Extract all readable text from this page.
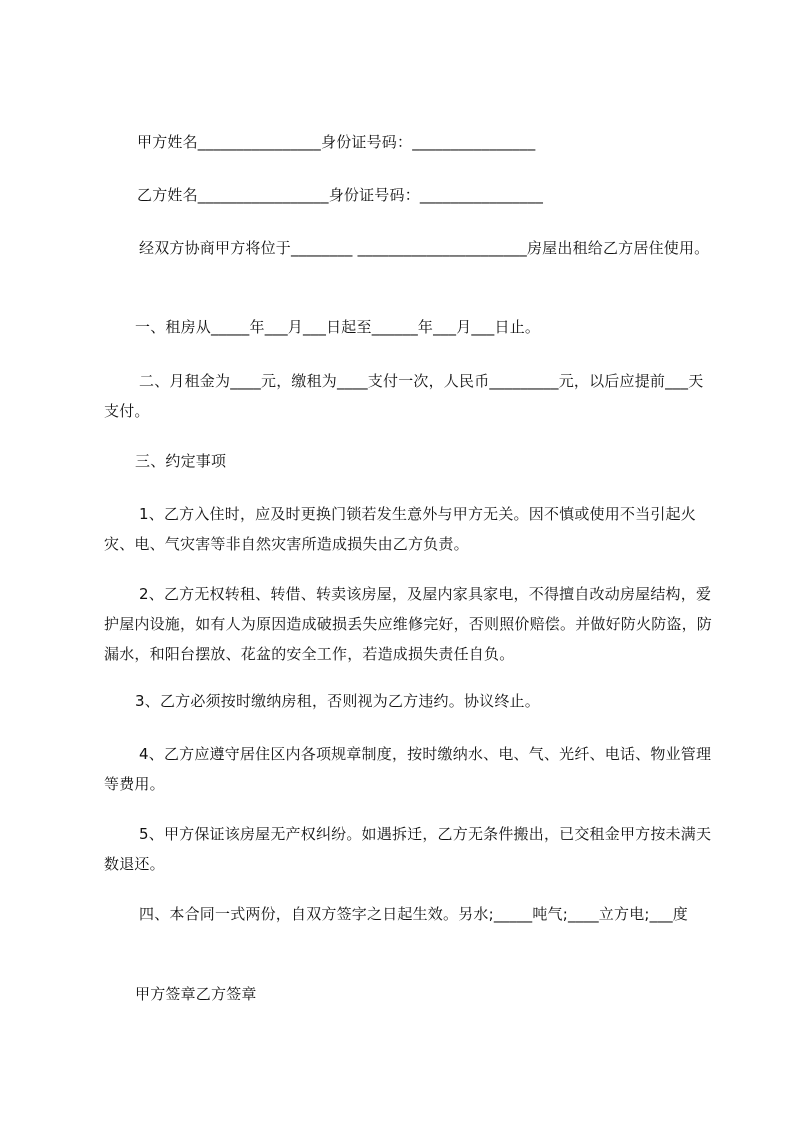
甲方姓名________________身份证号码：________________

乙方姓名_________________身份证号码：________________

经双方协商甲方将位于________ ______________________房屋出租给乙方居住使用。

一、租房从_____年___月___日起至______年___月___日止。

二、月租金为____元，缴租为____支付一次，人民币_________元，以后应提前___天支付。

三、约定事项

1、乙方入住时，应及时更换门锁若发生意外与甲方无关。因不慎或使用不当引起火灾、电、气灾害等非自然灾害所造成损失由乙方负责。

2、乙方无权转租、转借、转卖该房屋，及屋内家具家电，不得擅自改动房屋结构，爱护屋内设施，如有人为原因造成破损丢失应维修完好，否则照价赔偿。并做好防火防盗，防漏水，和阳台摆放、花盆的安全工作，若造成损失责任自负。

3、乙方必须按时缴纳房租，否则视为乙方违约。协议终止。

4、乙方应遵守居住区内各项规章制度，按时缴纳水、电、气、光纤、电话、物业管理等费用。

5、甲方保证该房屋无产权纠纷。如遇拆迁，乙方无条件搬出，已交租金甲方按未满天数退还。

四、本合同一式两份，自双方签字之日起生效。另水;_____吨气;____立方电;___度

甲方签章乙方签章
